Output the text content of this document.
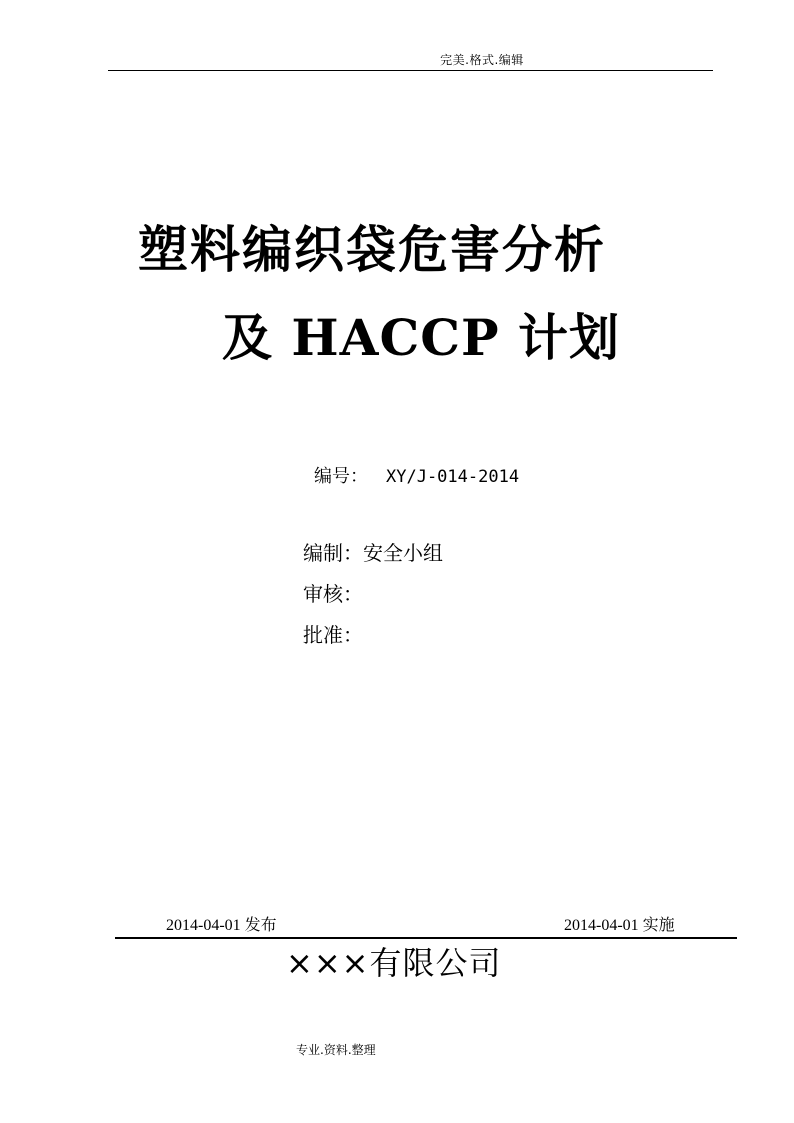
完美.格式.编辑
塑料编织袋危害分析
及 HACCP 计划
编号： XY/J-014-2014
编制：安全小组
审核：
批准：
2014-04-01 发布	2014-04-01 实施
×××有限公司
专业.资料.整理
